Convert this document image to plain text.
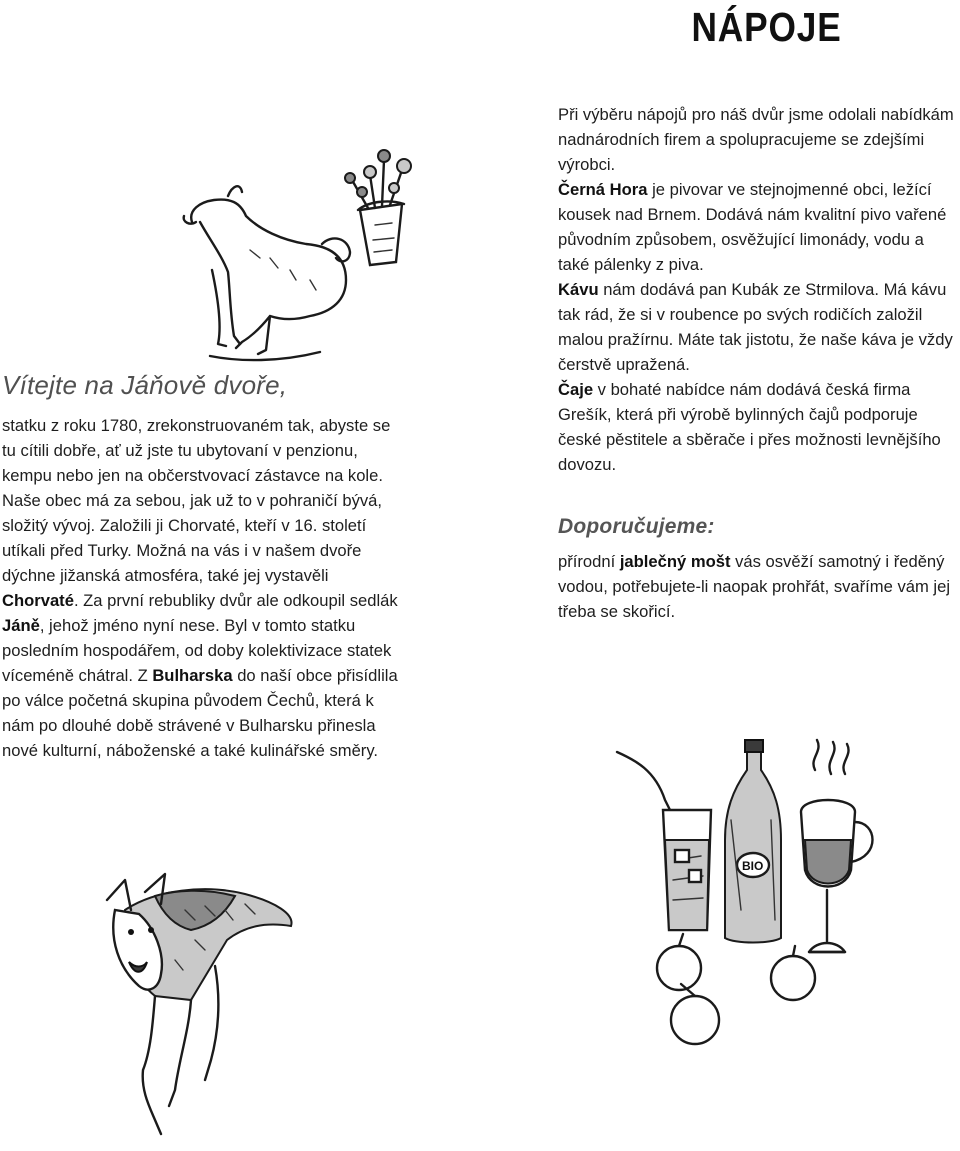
NÁPOJE
Vítejte na Jáňově dvoře,

statku z roku 1780, zrekonstruovaném tak, abyste se tu cítili dobře, ať už jste tu ubytovaní v penzionu, kempu nebo jen na občerstvovací zástavce na kole. Naše obec má za sebou, jak už to v pohraničí bývá, složitý vývoj. Založili ji Chorvaté, kteří v 16. století utíkali před Turky. Možná na vás i v našem dvoře dýchne jižanská atmosféra, také jej vystavěli Chorvaté. Za první rebubliky dvůr ale odkoupil sedlák Jáně, jehož jméno nyní nese. Byl v tomto statku posledním hospodářem, od doby kolektivizace statek víceméně chátral. Z Bulharska do naší obce přisídlila po válce početná skupina původem Čechů, která k nám po dlouhé době strávené v Bulharsku přinesla nové kulturní, náboženské a také kulinářské směry.

Při výběru nápojů pro náš dvůr jsme odolali nabídkám nadnárodních firem a spolupracujeme se zdejšími výrobci.
Černá Hora je pivovar ve stejnojmenné obci, ležící kousek nad Brnem. Dodává nám kvalitní pivo vařené původním způsobem, osvěžující limonády, vodu a také pálenky z piva.
Kávu nám dodává pan Kubák ze Strmilova. Má kávu tak rád, že si v roubence po svých rodičích založil malou pražírnu. Máte tak jistotu, že naše káva je vždy čerstvě upražená.
Čaje v bohaté nabídce nám dodává česká firma Grešík, která při výrobě bylinných čajů podporuje české pěstitele a sběrače i přes možnosti levnějšího dovozu.

Doporučujeme:

přírodní jablečný mošt vás osvěží samotný i ředěný vodou, potřebujete-li naopak prohřát, svaříme vám jej třeba se skořicí.

BIO
